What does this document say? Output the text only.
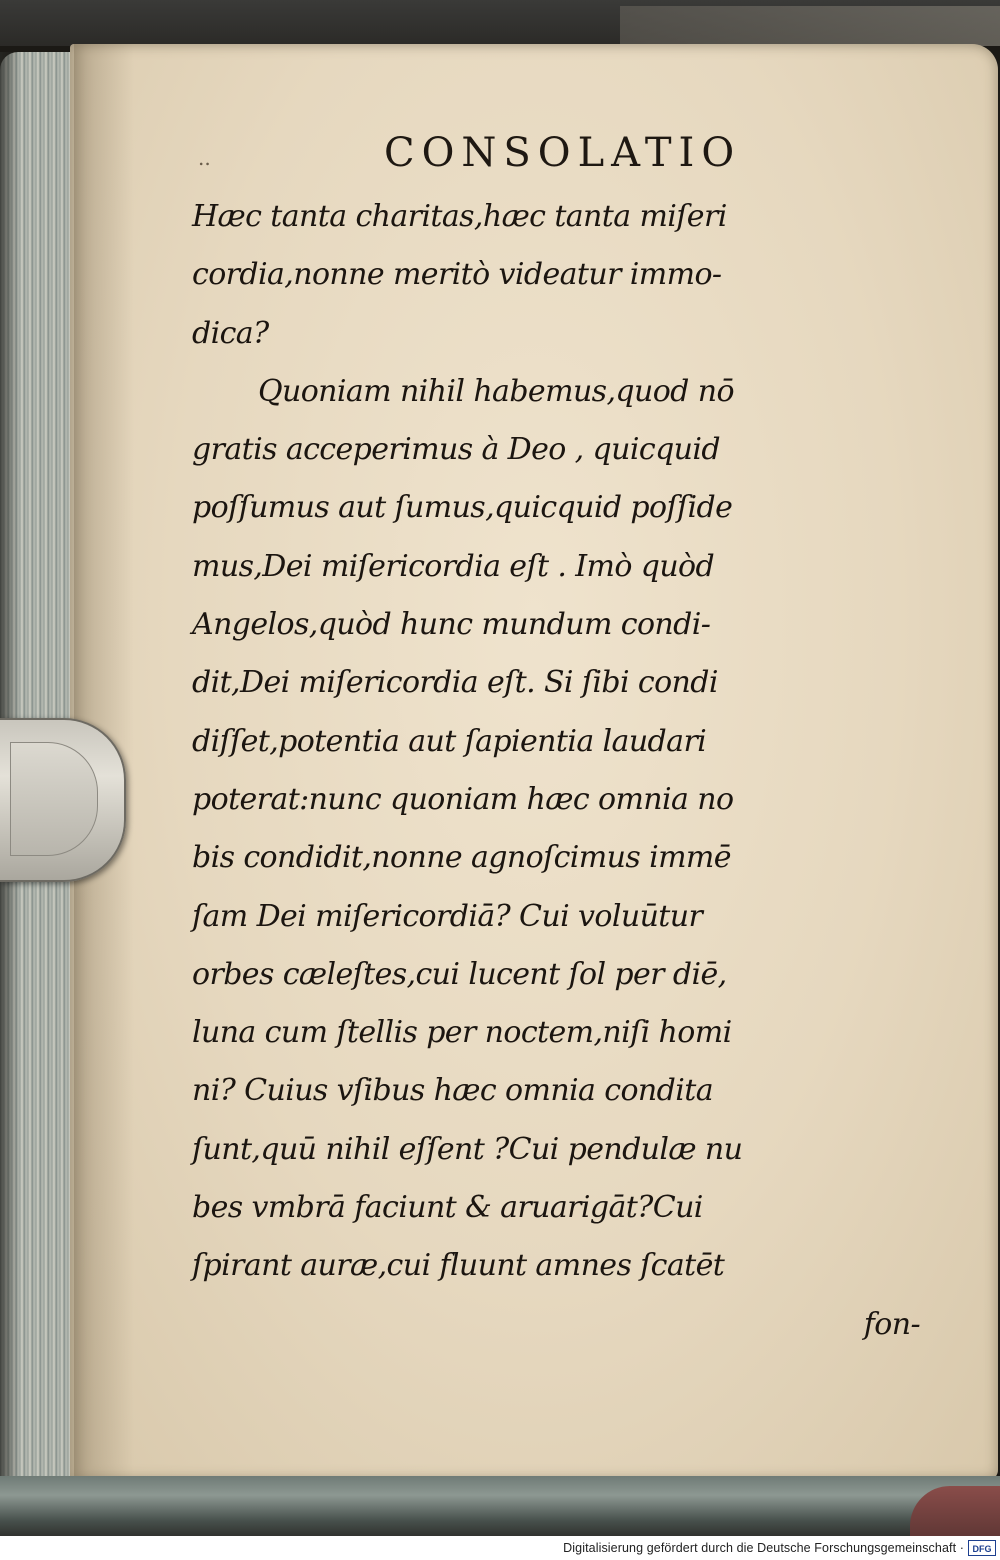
..	CONSOLATIO
Hæc tanta charitas,hæc tanta miſeri
cordia,nonne meritò videatur immo-
dica?
Quoniam nihil habemus,quod nō
gratis acceperimus à Deo , quicquid
poſſumus aut ſumus,quicquid poſſide
mus,Dei miſericordia eſt . Imò quòd
Angelos,quòd hunc mundum condi-
dit,Dei miſericordia eſt. Si ſibi condi
diſſet,potentia aut ſapientia laudari
poterat:nunc quoniam hæc omnia no
bis condidit,nonne agnoſcimus immē
ſam Dei miſericordiā? Cui voluūtur
orbes cæleſtes,cui lucent ſol per diē,
luna cum ſtellis per noctem,niſi homi
ni? Cuius vſibus hæc omnia condita
ſunt,quū nihil eſſent ?Cui pendulæ nu
bes vmbrā faciunt & aruarigāt?Cui
ſpirant auræ,cui fluunt amnes ſcatēt
fon-
Digitalisierung gefördert durch die Deutsche Forschungsgemeinschaft · DFG
